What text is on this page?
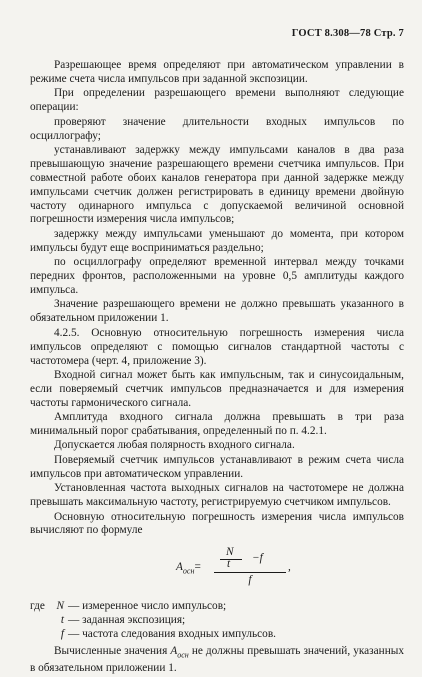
ГОСТ 8.308—78 Стр. 7

Разрешающее время определяют при автоматическом управлении в режиме счета числа импульсов при заданной экспозиции.

При определении разрешающего времени выполняют следующие операции:

проверяют значение длительности входных импульсов по осциллографу;

устанавливают задержку между импульсами каналов в два раза превышающую значение разрешающего времени счетчика импульсов. При совместной работе обоих каналов генератора при данной задержке между импульсами счетчик должен регистрировать в единицу времени двойную частоту одинарного импульса с допускаемой величиной основной погрешности измерения числа импульсов;

задержку между импульсами уменьшают до момента, при котором импульсы будут еще восприниматься раздельно;

по осциллографу определяют временной интервал между точками передних фронтов, расположенными на уровне 0,5 амплитуды каждого импульса.

Значение разрешающего времени не должно превышать указанного в обязательном приложении 1.

4.2.5. Основную относительную погрешность измерения числа импульсов определяют с помощью сигналов стандартной частоты с частотомера (черт. 4, приложение 3).

Входной сигнал может быть как импульсным, так и синусоидальным, если поверяемый счетчик импульсов предназначается и для измерения частоты гармонического сигнала.

Амплитуда входного сигнала должна превышать в три раза минимальный порог срабатывания, определенный по п. 4.2.1.

Допускается любая полярность входного сигнала.

Поверяемый счетчик импульсов устанавливают в режим счета числа импульсов при автоматическом управлении.

Установленная частота выходных сигналов на частотомере не должна превышать максимальную частоту, регистрируемую счетчиком импульсов.

Основную относительную погрешность измерения числа импульсов вычисляют по формуле

$A_{осн}=$
N
t −f
f
,
где	N — измеренное число импульсов;
t — заданная экспозиция;
f — частота следования входных импульсов.

Вычисленные значения $A_{осн}$ не должны превышать значений, указанных в обязательном приложении 1.
